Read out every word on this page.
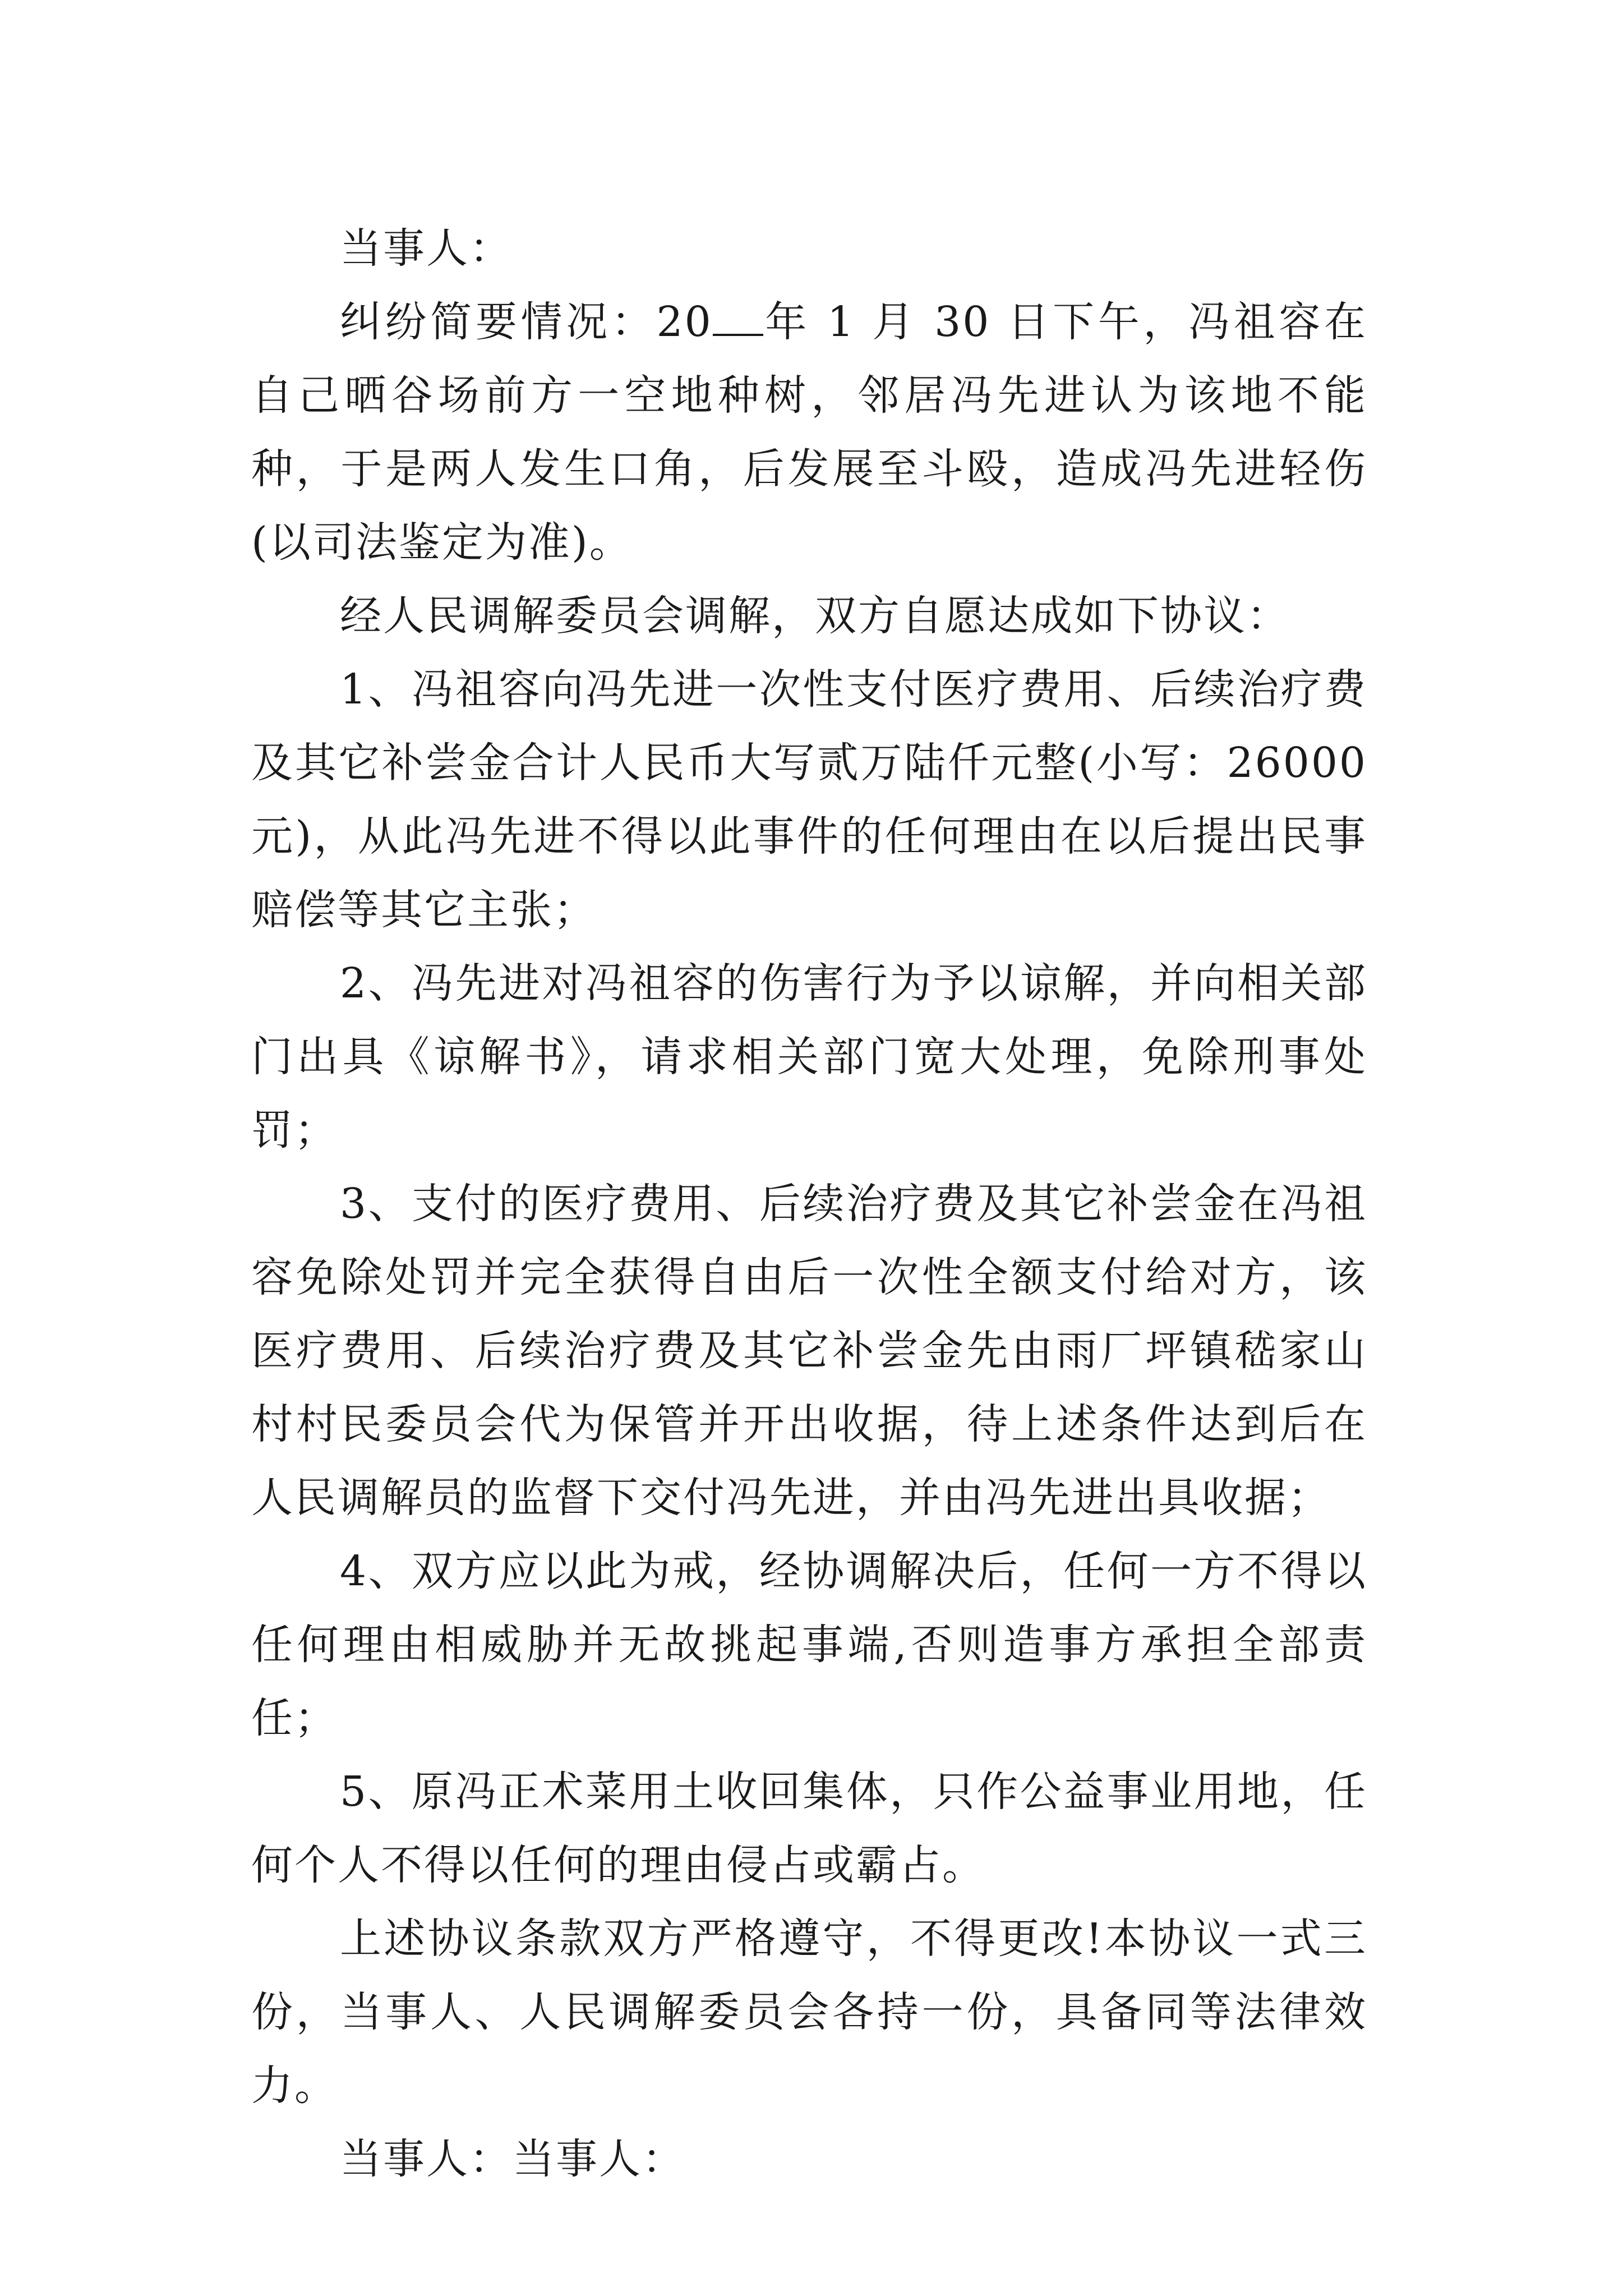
当事人：

纠纷简要情况：20 年 1 月 30 日下午，冯祖容在自己晒谷场前方一空地种树，邻居冯先进认为该地不能种，于是两人发生口角，后发展至斗殴，造成冯先进轻伤(以司法鉴定为准)。

经人民调解委员会调解，双方自愿达成如下协议：

1、冯祖容向冯先进一次性支付医疗费用、后续治疗费及其它补尝金合计人民币大写贰万陆仟元整(小写：26000 元)，从此冯先进不得以此事件的任何理由在以后提出民事赔偿等其它主张；

2、冯先进对冯祖容的伤害行为予以谅解，并向相关部门出具《谅解书》，请求相关部门宽大处理，免除刑事处罚；

3、支付的医疗费用、后续治疗费及其它补尝金在冯祖容免除处罚并完全获得自由后一次性全额支付给对方，该医疗费用、后续治疗费及其它补尝金先由雨厂坪镇嵇家山村村民委员会代为保管并开出收据，待上述条件达到后在人民调解员的监督下交付冯先进，并由冯先进出具收据；

4、双方应以此为戒，经协调解决后，任何一方不得以任何理由相威胁并无故挑起事端,否则造事方承担全部责任；

5、原冯正术菜用土收回集体，只作公益事业用地，任何个人不得以任何的理由侵占或霸占。

上述协议条款双方严格遵守，不得更改!本协议一式三份，当事人、人民调解委员会各持一份，具备同等法律效力。

当事人：当事人：
